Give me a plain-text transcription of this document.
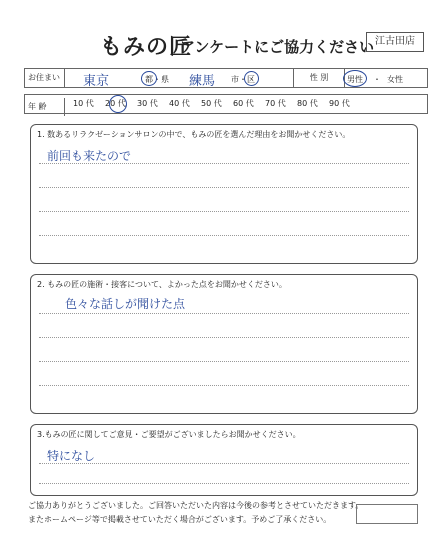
もみの匠
アンケートにご協力ください 江古田店
お住まい	東京	都・県 練馬 市・区	性 別	男性 ・ 女性
年 齢	10 代 20 代 30 代 40 代 50 代 60 代 70 代 80 代 90 代
1. 数あるリラクゼーションサロンの中で、もみの匠を選んだ理由をお聞かせください。
前回も来たので
2. もみの匠の施術・接客について、よかった点をお聞かせください。
色々な話しが聞けた点
3.もみの匠に関してご意見・ご要望がございましたらお聞かせください。
特になし
ご協力ありがとうございました。ご回答いただいた内容は今後の参考とさせていただきます。
またホームページ等で掲載させていただく場合がございます。予めご了承ください。
